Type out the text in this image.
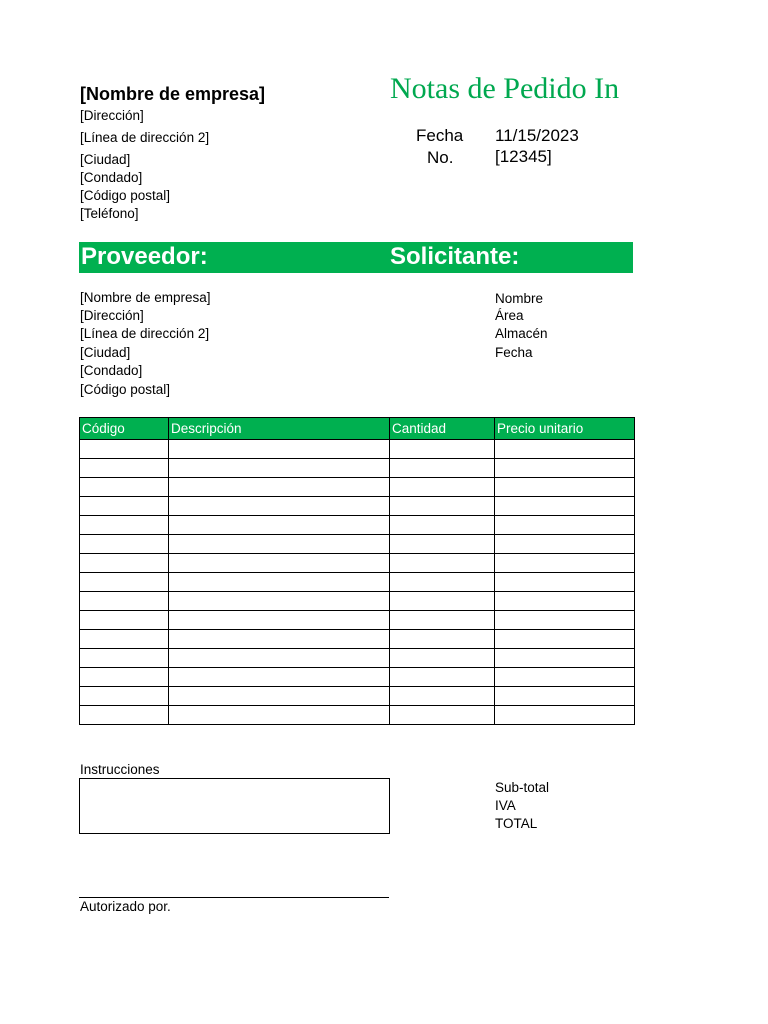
[Nombre de empresa]
[Dirección]
[Línea de dirección 2]
[Ciudad]
[Condado]
[Código postal]
[Teléfono]
Notas de Pedido In
Fecha 11/15/2023
No. [12345]
Proveedor:	Solicitante:
[Nombre de empresa]
[Dirección]
[Línea de dirección 2]
[Ciudad]
[Condado]
[Código postal]
Nombre
Área
Almacén
Fecha
Código	Descripción	Cantidad	Precio unitario

Instrucciones
Sub-total
IVA
TOTAL
Autorizado por.
